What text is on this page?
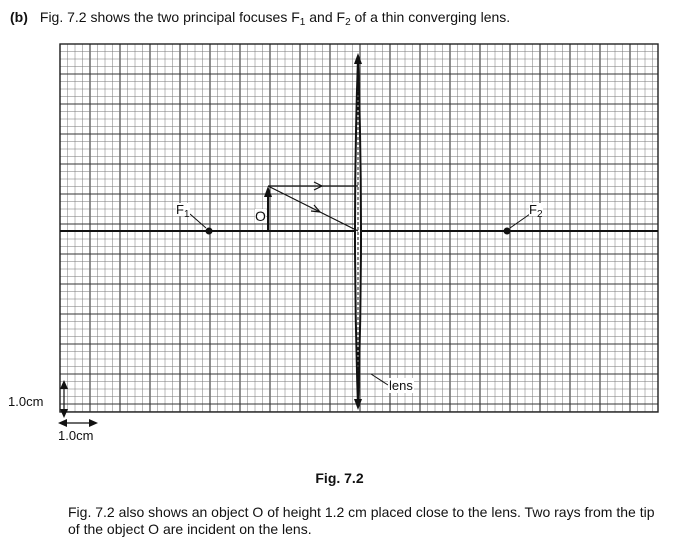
(b) Fig. 7.2 shows the two principal focuses $F_1$ and $F_2$ of a thin converging lens.
$F_1$	$F_2$
O
lens
1.0cm
1.0cm
Fig. 7.2
Fig. 7.2 also shows an object O of height 1.2 cm placed close to the lens. Two rays from the tip of the object O are incident on the lens.
